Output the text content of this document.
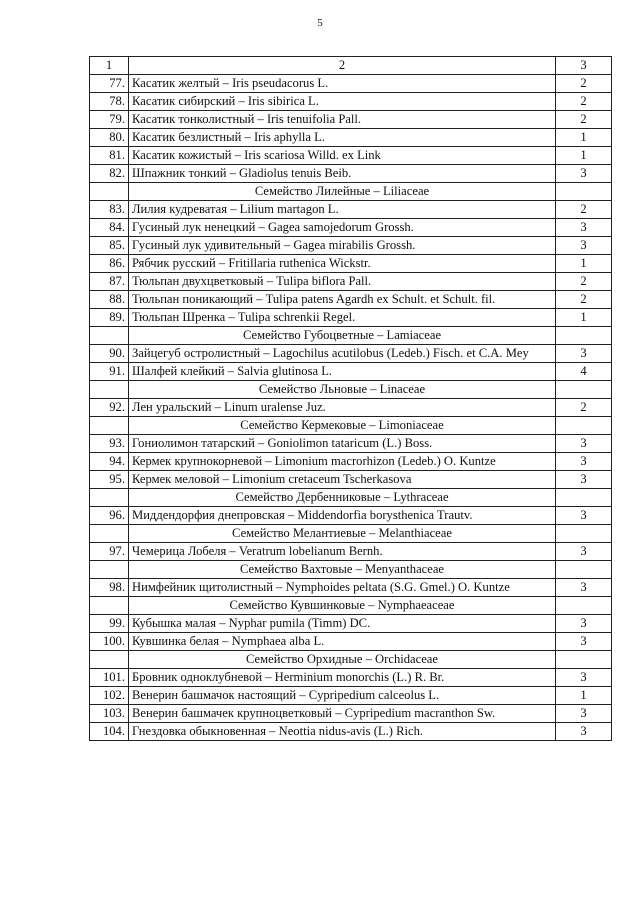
5
1	2	3
77.	Касатик желтый – Iris pseudacorus L.	2
78.	Касатик сибирский – Iris sibirica L.	2
79.	Касатик тонколистный – Iris tenuifolia Pall.	2
80.	Касатик безлистный – Iris aphylla L.	1
81.	Касатик кожистый – Iris scariosa Willd. ex Link	1
82.	Шпажник тонкий – Gladiolus tenuis Beib.	3
	Семейство Лилейные – Liliaceae	
83.	Лилия кудреватая – Lilium martagon L.	2
84.	Гусиный лук ненецкий – Gagea samojedorum Grossh.	3
85.	Гусиный лук удивительный – Gagea mirabilis Grossh.	3
86.	Рябчик русский – Fritillaria ruthenica Wickstr.	1
87.	Тюльпан двухцветковый – Tulipa biflora Pall.	2
88.	Тюльпан поникающий – Tulipa patens Agardh ex Schult. et Schult. fil.	2
89.	Тюльпан Шренка – Tulipa schrenkii Regel.	1
	Семейство Губоцветные – Lamiaceae	
90.	Зайцегуб остролистный – Lagochilus acutilobus (Ledeb.) Fisch. et C.A. Mey	3
91.	Шалфей клейкий – Salvia glutinosa L.	4
	Семейство Льновые – Linaceae	
92.	Лен уральский – Linum uralense Juz.	2
	Семейство Кермековые – Limoniaceae	
93.	Гониолимон татарский – Goniolimon tataricum (L.) Boss.	3
94.	Кермек крупнокорневой – Limonium macrorhizon (Ledeb.) O. Kuntze	3
95.	Кермек меловой – Limonium cretaceum Tscherkasova	3
	Семейство Дербенниковые – Lythraceae	
96.	Миддендорфия днепровская – Middendorfia borysthenica Trautv.	3
	Семейство Мелантиевые – Melanthiaceae	
97.	Чемерица Лобеля – Veratrum lobelianum Bernh.	3
	Семейство Вахтовые – Menyanthaceae	
98.	Нимфейник щитолистный – Nymphoides peltata (S.G. Gmel.) O. Kuntze	3
	Семейство Кувшинковые – Nymphaeaceae	
99.	Кубышка малая – Nyphar pumila (Timm) DC.	3
100.	Кувшинка белая – Nymphaea alba L.	3
	Семейство Орхидные – Orchidaceae	
101.	Бровник одноклубневой – Herminium monorchis (L.) R. Br.	3
102.	Венерин башмачок настоящий – Cypripedium calceolus L.	1
103.	Венерин башмачек крупноцветковый – Cypripedium macranthon Sw.	3
104.	Гнездовка обыкновенная – Neottia nidus-avis (L.) Rich.	3
